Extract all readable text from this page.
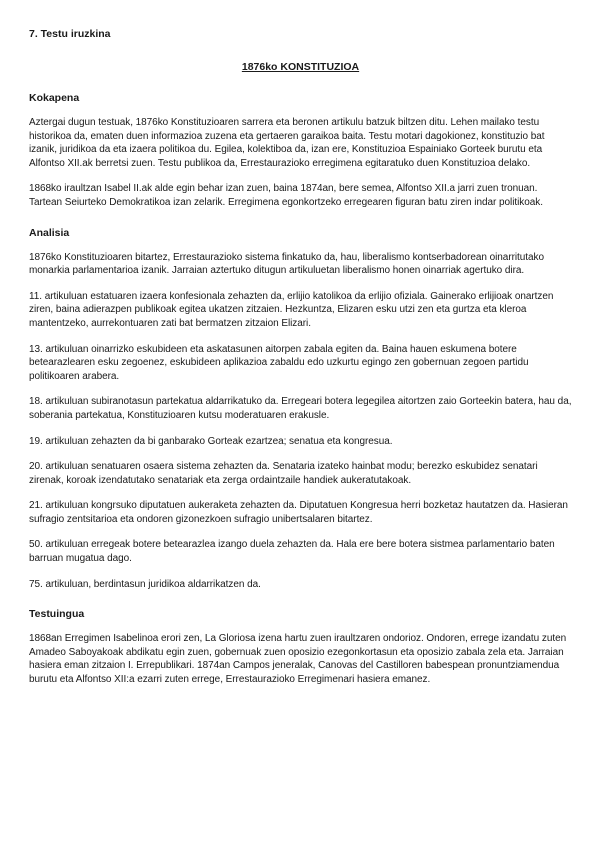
7. Testu iruzkina
1876ko KONSTITUZIOA
Kokapena

Aztergai dugun testuak, 1876ko Konstituzioaren sarrera eta beronen artikulu batzuk biltzen ditu. Lehen mailako testu historikoa da, ematen duen informazioa zuzena eta gertaeren garaikoa baita. Testu motari dagokionez, konstituzio bat izanik, juridikoa da eta izaera politikoa du. Egilea, kolektiboa da, izan ere, Konstituzioa Espainiako Gorteek burutu eta Alfontso XII.ak berretsi zuen. Testu publikoa da, Errestaurazioko erregimena egitaratuko duen Konstituzioa delako.

1868ko iraultzan Isabel II.ak alde egin behar izan zuen, baina 1874an, bere semea, Alfontso XII.a jarri zuen tronuan. Tartean Seiurteko Demokratikoa izan zelarik. Erregimena egonkortzeko erregearen figuran batu ziren indar politikoak.

Analisia

1876ko Konstituzioaren bitartez, Errestaurazioko sistema finkatuko da, hau, liberalismo kontserbadorean oinarritutako monarkia parlamentarioa izanik. Jarraian aztertuko ditugun artikuluetan liberalismo honen oinarriak agertuko dira.

11. artikuluan estatuaren izaera konfesionala zehazten da, erlijio katolikoa da erlijio ofiziala. Gainerako erlijioak onartzen ziren, baina adierazpen publikoak egitea ukatzen zitzaien. Hezkuntza, Elizaren esku utzi zen eta gurtza eta kleroa mantentzeko, aurrekontuaren zati bat bermatzen zitzaion Elizari.

13. artikuluan oinarrizko eskubideen eta askatasunen aitorpen zabala egiten da. Baina hauen eskumena botere betearazlearen esku zegoenez, eskubideen aplikazioa zabaldu edo uzkurtu egingo zen gobernuan zegoen partidu politikoaren arabera.

18. artikuluan subiranotasun partekatua aldarrikatuko da. Erregeari botera legegilea aitortzen zaio Gorteekin batera, hau da, soberania partekatua, Konstituzioaren kutsu moderatuaren erakusle.

19. artikuluan zehazten da bi ganbarako Gorteak ezartzea; senatua eta kongresua.

20. artikuluan senatuaren osaera sistema zehazten da. Senataria izateko hainbat modu; berezko eskubidez senatari zirenak, koroak izendatutako senatariak eta zerga ordaintzaile handiek aukeratutakoak.

21. artikuluan kongrsuko diputatuen aukeraketa zehazten da. Diputatuen Kongresua herri bozketaz hautatzen da. Hasieran sufragio zentsitarioa eta ondoren gizonezkoen sufragio unibertsalaren bitartez.

50. artikuluan erregeak botere betearazlea izango duela zehazten da. Hala ere bere botera sistmea parlamentario baten barruan mugatua dago.

75. artikuluan, berdintasun juridikoa aldarrikatzen da.

Testuingua

1868an Erregimen Isabelinoa erori zen, La Gloriosa izena hartu zuen iraultzaren ondorioz. Ondoren, errege izandatu zuten Amadeo Saboyakoak abdikatu egin zuen, gobernuak zuen oposizio ezegonkortasun eta oposizio zabala zela eta. Jarraian hasiera eman zitzaion I. Errepublikari. 1874an Campos jeneralak, Canovas del Castilloren babespean pronuntziamendua burutu eta Alfontso XII:a ezarri zuten errege, Errestaurazioko Erregimenari hasiera emanez.
